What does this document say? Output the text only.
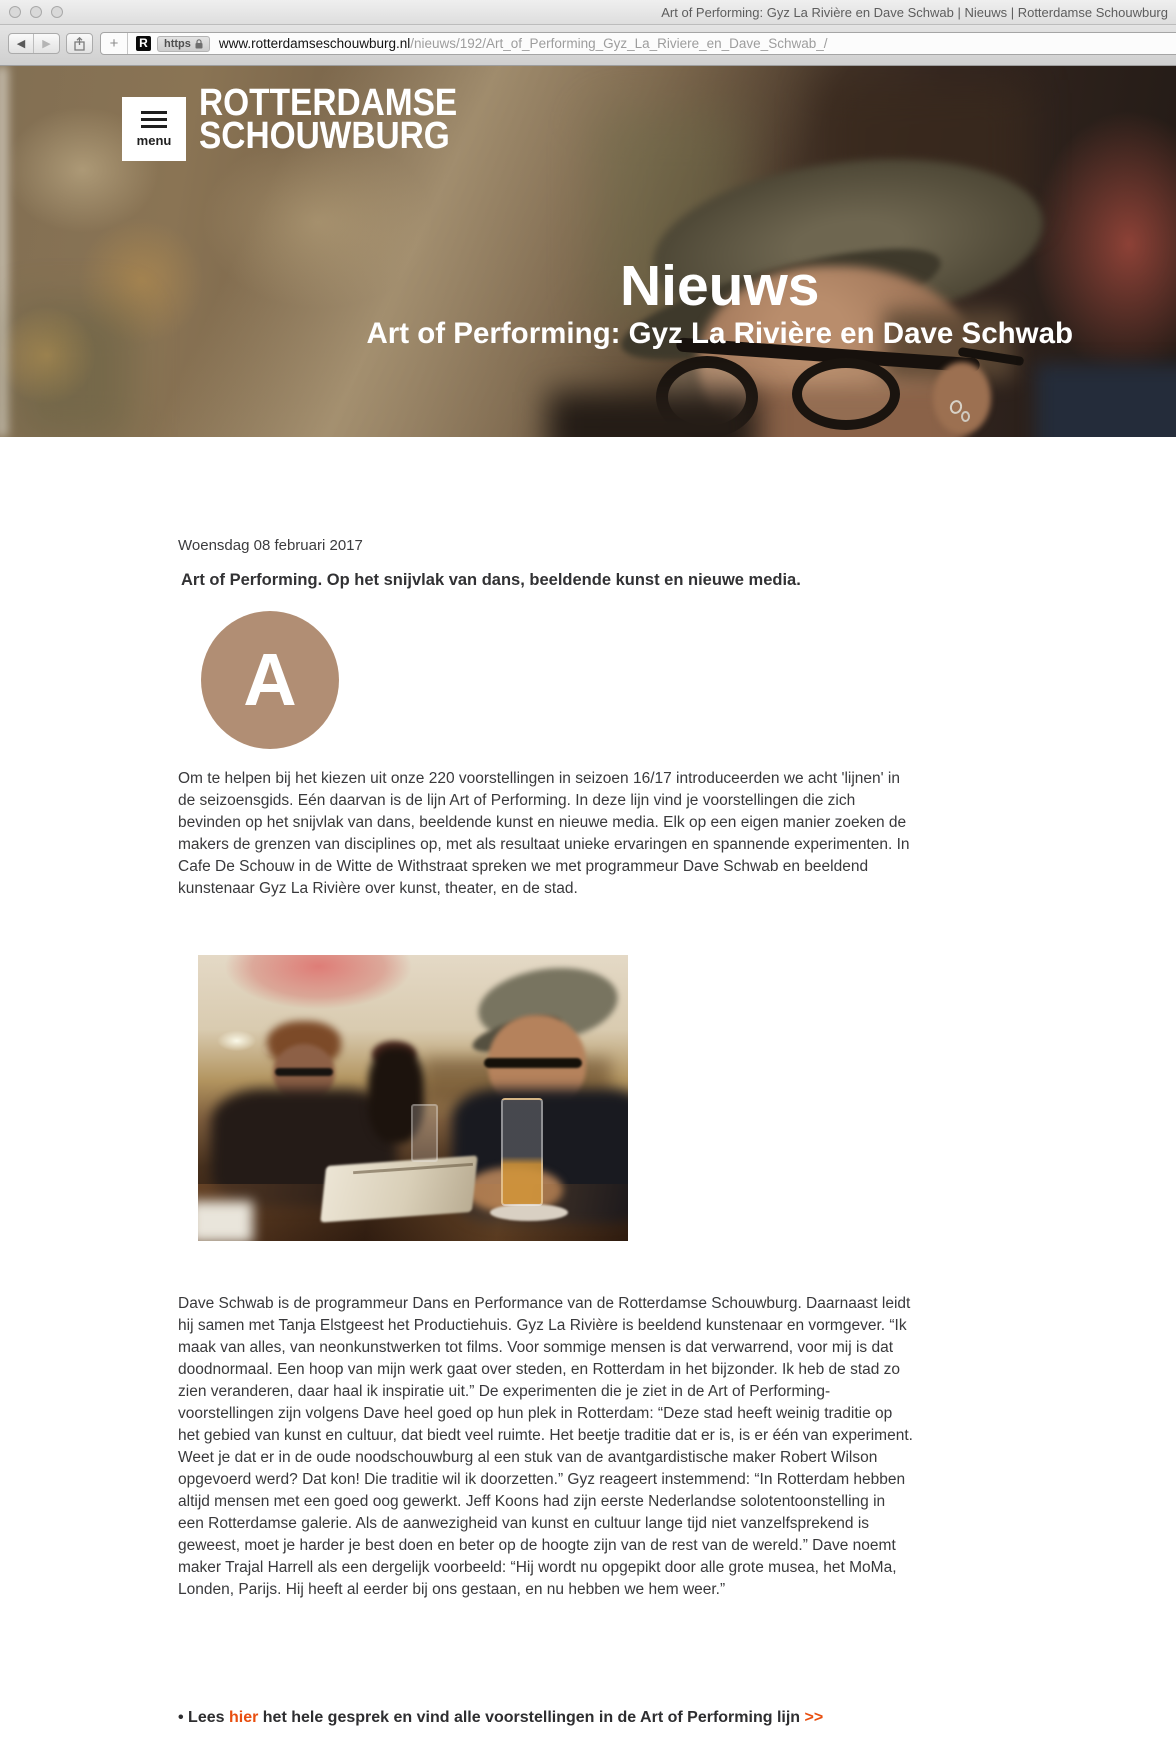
Art of Performing: Gyz La Rivière en Dave Schwab | Nieuws | Rotterdamse Schouwburg
◀	▶	+	R https www.rotterdamseschouwburg.nl /nieuws/192/Art_of_Performing_Gyz_La_Riviere_en_Dave_Schwab_/
menu
ROTTERDAMSE
SCHOUWBURG
Nieuws
Art of Performing: Gyz La Rivière en Dave Schwab
Woensdag 08 februari 2017
Art of Performing. Op het snijvlak van dans, beeldende kunst en nieuwe media.
A

Om te helpen bij het kiezen uit onze 220 voorstellingen in seizoen 16/17 introduceerden we acht 'lijnen' in de seizoensgids. Eén daarvan is de lijn Art of Performing. In deze lijn vind je voorstellingen die zich bevinden op het snijvlak van dans, beeldende kunst en nieuwe media. Elk op een eigen manier zoeken de makers de grenzen van disciplines op, met als resultaat unieke ervaringen en spannende experimenten. In Cafe De Schouw in de Witte de Withstraat spreken we met programmeur Dave Schwab en beeldend kunstenaar Gyz La Rivière over kunst, theater, en de stad.

Dave Schwab is de programmeur Dans en Performance van de Rotterdamse Schouwburg. Daarnaast leidt hij samen met Tanja Elstgeest het Productiehuis. Gyz La Rivière is beeldend kunstenaar en vormgever. “Ik maak van alles, van neonkunstwerken tot films. Voor sommige mensen is dat verwarrend, voor mij is dat doodnormaal. Een hoop van mijn werk gaat over steden, en Rotterdam in het bijzonder. Ik heb de stad zo zien veranderen, daar haal ik inspiratie uit.” De experimenten die je ziet in de Art of Performing-voorstellingen zijn volgens Dave heel goed op hun plek in Rotterdam: “Deze stad heeft weinig traditie op het gebied van kunst en cultuur, dat biedt veel ruimte. Het beetje traditie dat er is, is er één van experiment. Weet je dat er in de oude noodschouwburg al een stuk van de avantgardistische maker Robert Wilson opgevoerd werd? Dat kon! Die traditie wil ik doorzetten.” Gyz reageert instemmend: “In Rotterdam hebben altijd mensen met een goed oog gewerkt. Jeff Koons had zijn eerste Nederlandse solotentoonstelling in een Rotterdamse galerie. Als de aanwezigheid van kunst en cultuur lange tijd niet vanzelfsprekend is geweest, moet je harder je best doen en beter op de hoogte zijn van de rest van de wereld.” Dave noemt maker Trajal Harrell als een dergelijk voorbeeld: “Hij wordt nu opgepikt door alle grote musea, het MoMa, Londen, Parijs. Hij heeft al eerder bij ons gestaan, en nu hebben we hem weer.”

• Lees hier het hele gesprek en vind alle voorstellingen in de Art of Performing lijn >>
